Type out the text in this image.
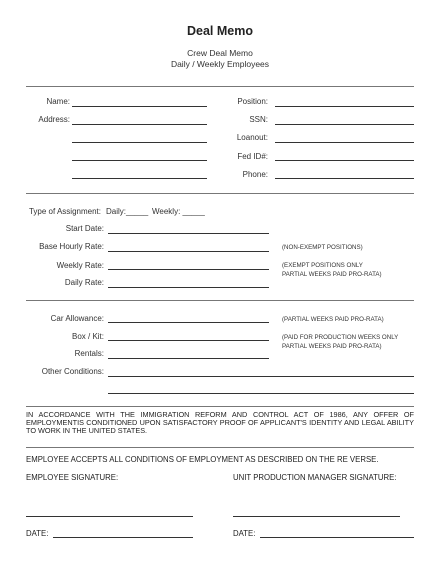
Deal Memo
Crew Deal Memo
Daily / Weekly Employees
Name:
Address:
Position:
SSN:
Loanout:
Fed ID#:
Phone:
Type of Assignment: Daily:_____ Weekly: _____
Start Date:
Base Hourly Rate:	(NON-EXEMPT POSITIONS)
Weekly Rate:	(EXEMPT POSITIONS ONLY
PARTIAL WEEKS PAID PRO-RATA)
Daily Rate:
Car Allowance:	(PARTIAL WEEKS PAID PRO-RATA)
Box / Kit:	(PAID FOR PRODUCTION WEEKS ONLY
PARTIAL WEEKS PAID PRO-RATA)
Rentals:
Other Conditions:
IN ACCORDANCE WITH THE IMMIGRATION REFORM AND CONTROL ACT OF 1986, ANY OFFER OF EMPLOYMENTIS CONDITIONED UPON SATISFACTORY PROOF OF APPLICANT'S IDENTITY AND LEGAL ABILITY TO WORK IN THE UNITED STATES.
EMPLOYEE ACCEPTS ALL CONDITIONS OF EMPLOYMENT AS DESCRIBED ON THE RE VERSE.
EMPLOYEE SIGNATURE:	UNIT PRODUCTION MANAGER SIGNATURE:
DATE:	DATE:
